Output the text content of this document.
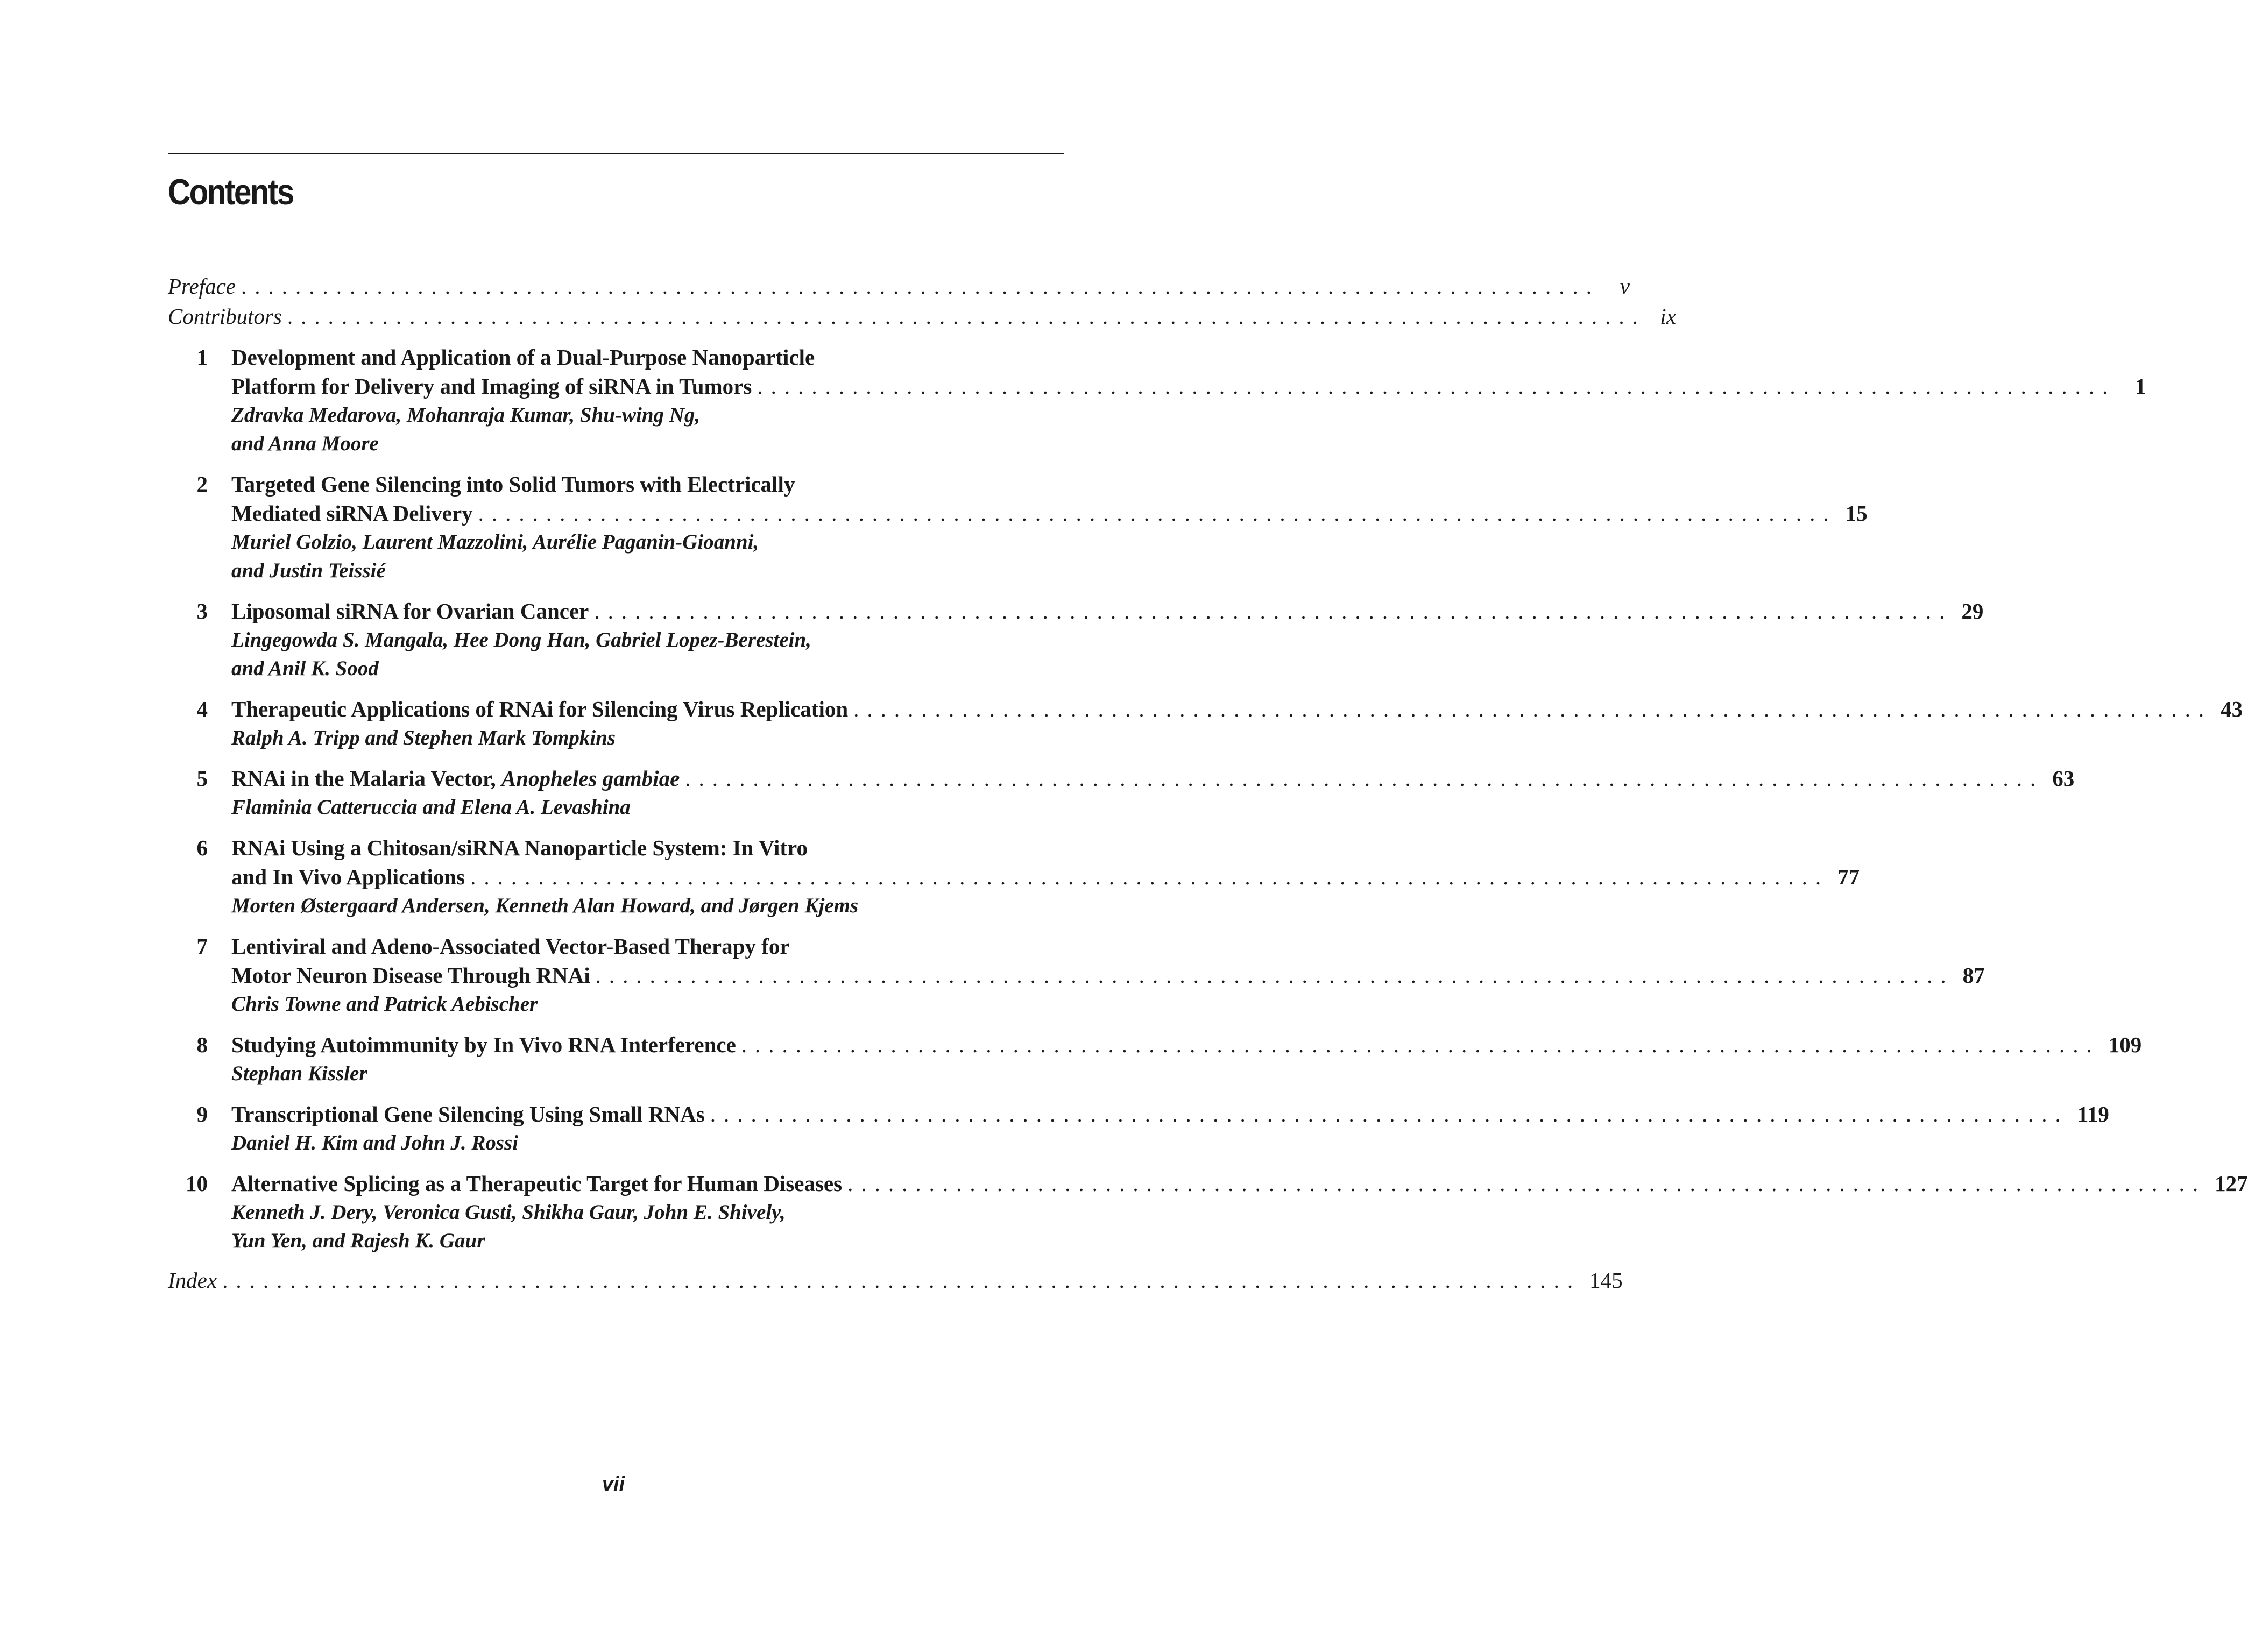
Contents
Preface .................................................................................................... v
Contributors .................................................................................................... ix
1 Development and Application of a Dual-Purpose Nanoparticle
Platform for Delivery and Imaging of siRNA in Tumors .................................................................................................... 1
Zdravka Medarova, Mohanraja Kumar, Shu-wing Ng,
and Anna Moore
2 Targeted Gene Silencing into Solid Tumors with Electrically
Mediated siRNA Delivery .................................................................................................... 15
Muriel Golzio, Laurent Mazzolini, Aurélie Paganin-Gioanni,
and Justin Teissié
3 Liposomal siRNA for Ovarian Cancer .................................................................................................... 29
Lingegowda S. Mangala, Hee Dong Han, Gabriel Lopez-Berestein,
and Anil K. Sood
4 Therapeutic Applications of RNAi for Silencing Virus Replication .................................................................................................... 43
Ralph A. Tripp and Stephen Mark Tompkins
5 RNAi in the Malaria Vector, Anopheles gambiae .................................................................................................... 63
Flaminia Catteruccia and Elena A. Levashina
6 RNAi Using a Chitosan/siRNA Nanoparticle System: In Vitro
and In Vivo Applications .................................................................................................... 77
Morten Østergaard Andersen, Kenneth Alan Howard, and Jørgen Kjems
7 Lentiviral and Adeno-Associated Vector-Based Therapy for
Motor Neuron Disease Through RNAi .................................................................................................... 87
Chris Towne and Patrick Aebischer
8 Studying Autoimmunity by In Vivo RNA Interference .................................................................................................... 109
Stephan Kissler
9 Transcriptional Gene Silencing Using Small RNAs .................................................................................................... 119
Daniel H. Kim and John J. Rossi
10 Alternative Splicing as a Therapeutic Target for Human Diseases .................................................................................................... 127
Kenneth J. Dery, Veronica Gusti, Shikha Gaur, John E. Shively,
Yun Yen, and Rajesh K. Gaur
Index .................................................................................................... 145
vii
